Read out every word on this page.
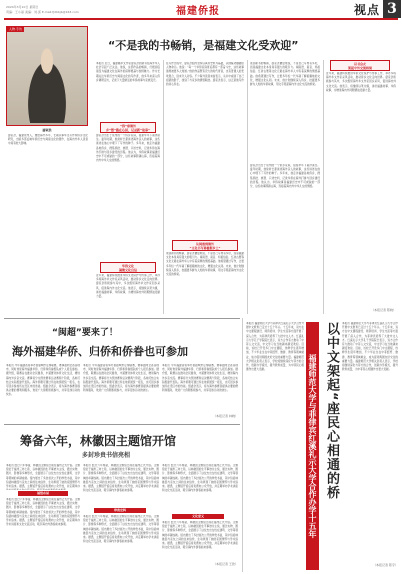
2024年3月10日 星期日
责编：王小丽 美编：刘·邱 E-mail:fjdbbjb@163.com	福建侨报	视点 3
人物·专访
廖家洪
廖家洪，福建泉州人，旅居海外多年，长期从事华文写作和侨乡文化研究，出版多部反映华侨历史与闽南文化的著作，在海内外华人读者中具有较大影响。
“不是我的书畅销，是福建文化受欢迎”
本报讯 近日，福建籍华文作家廖家洪的新书在海外华人社会引起广泛关注。他说，这部作品的畅销，归根到底是因为福建文化在海外的深厚根基与独特魅力。作为长期关注华侨历史与闽南文化的写作者，他多年来深入侨乡调研走访，记录下大量鲜活的华侨故事与家族变迁。
“侨”牵海外
乡“愁”路在心间，记录新“故事”
廖家洪出生于泉州的一个侨乡家庭，祖辈早年下南洋谋生。童年时期，他常听长辈讲述海外亲人的故事，这些讲述在他心中埋下了写作的种子。多年来，他走访福建各地侨乡，搜集侨批、族谱、口述史料，记录华侨在海外打拼与回乡建设的历程。他认为，华侨故事是福建历史中不可或缺的一部分，这些故事跨越山海，连接着海内外中华儿女的情感。
华侨文化
凝聚文化自信
近年来，福建持续推进华侨文化保护与传承工作，举办多场海外华文作家采风活动，推动侨乡文化走向世界。廖家洪积极参与其中，多次组织海外华文作家回乡采风，促进海内外文化交流。他表示，将继续以笔为媒，讲好福建故事、华侨故事，为增进海内外同胞情谊贡献力量。
在写作过程中，廖家洪始终坚持以真实史料为基础，以细腻笔触描绘人物命运。他说：“每一个华侨家庭背后都有一部奋斗史，这些故事值得被更多人知道。”他的作品既有宏大的时代背景，也有普通人的悲欢离合，读来令人动容。不少海外读者来信表示，从书中看到了自己祖辈的影子，找到了与家乡的情感联结。廖家洪表示，这正是他写作的初心所在。
从闽南到海外
“文化书写要植根乡土”
谈到新书的畅销，廖家洪谦虚地说，不是自己写得有多好，而是福建文化本身具有强大的吸引力。闽南语、南音、妈祖信俗、红砖古厝等文化元素在海外华人中有着深厚的情感基础。他希望通过写作，让更多年轻一代华裔了解祖籍地的文化，增强文化认同。未来，他计划继续深入侨乡，挖掘更多鲜为人知的华侨故事，用文字架起海内外文化交流的桥梁。
谈到新书的畅销，廖家洪谦虚地说，不是自己写得有多好，而是福建文化本身具有强大的吸引力。闽南语、南音、妈祖信俗、红砖古厝等文化元素在海外华人中有着深厚的情感基础。他希望通过写作，让更多年轻一代华裔了解祖籍地的文化，增强文化认同。未来，他计划继续深入侨乡，挖掘更多鲜为人知的华侨故事，用文字架起海内外文化交流的桥梁。
廖家洪出生于泉州的一个侨乡家庭，祖辈早年下南洋谋生。童年时期，他常听长辈讲述海外亲人的故事，这些讲述在他心中埋下了写作的种子。多年来，他走访福建各地侨乡，搜集侨批、族谱、口述史料，记录华侨在海外打拼与回乡建设的历程。他认为，华侨故事是福建历史中不可或缺的一部分，这些故事跨越山海，连接着海内外中华儿女的情感。
以书会友
架起中外交流桥梁
近年来，福建持续推进华侨文化保护与传承工作，举办多场海外华文作家采风活动，推动侨乡文化走向世界。廖家洪积极参与其中，多次组织海外华文作家回乡采风，促进海内外文化交流。他表示，将继续以笔为媒，讲好福建故事、华侨故事，为增进海内外同胞情谊贡献力量。
（本报记者 陈晓）
“闽超”要来了！
海外福建华侨、归侨和侨眷也可参加
本报讯 今年福建省将举办首届城市足球联赛，赛事面向全省各地市，同时欢迎海外福建华侨、归侨和侨眷组队或个人报名参加。据介绍，联赛旨在推动全民健身，丰富群众体育文化生活，增进海内外乡亲交流。赛事将分为预选赛和总决赛两个阶段，各地可结合实际组建代表队。海外侨胞可通过所在地侨团统一报名，也可回乡参加所在设区市的选拔。组委会表示，将为海外参赛者提供必要的便利和服务，欢迎广大侨胞积极参与，共享足球运动的快乐。
本报讯 今年福建省将举办首届城市足球联赛，赛事面向全省各地市，同时欢迎海外福建华侨、归侨和侨眷组队或个人报名参加。据介绍，联赛旨在推动全民健身，丰富群众体育文化生活，增进海内外乡亲交流。赛事将分为预选赛和总决赛两个阶段，各地可结合实际组建代表队。海外侨胞可通过所在地侨团统一报名，也可回乡参加所在设区市的选拔。组委会表示，将为海外参赛者提供必要的便利和服务，欢迎广大侨胞积极参与，共享足球运动的快乐。
本报讯 今年福建省将举办首届城市足球联赛，赛事面向全省各地市，同时欢迎海外福建华侨、归侨和侨眷组队或个人报名参加。据介绍，联赛旨在推动全民健身，丰富群众体育文化生活，增进海内外乡亲交流。赛事将分为预选赛和总决赛两个阶段，各地可结合实际组建代表队。海外侨胞可通过所在地侨团统一报名，也可回乡参加所在设区市的选拔。组委会表示，将为海外参赛者提供必要的便利和服务，欢迎广大侨胞积极参与，共享足球运动的快乐。
（本报记者 林晓）
筹备六年，林徽因主题馆开馆
多封珍贵书信亮相
本报讯 经过六年筹备，林徽因主题馆日前在福州正式开馆。主题馆位于福州三坊七巷，以林徽因的生平事迹为主线，通过实物、图片、影像等多种形式，全面展示了这位杰出女性在建筑、文学等领域的卓越成就。馆内展出了多封首次公开的珍贵书信，其中包括林徽因与亲友之间的往来信件，生动再现了她的家国情怀与学术追求。据悉，主题馆开馆后将免费向公众开放，并定期举办
展馆布局
本报讯 经过六年筹备，林徽因主题馆日前在福州正式开馆。主题馆位于福州三坊七巷，以林徽因的生平事迹为主线，通过实物、图片、影像等多种形式，全面展示了这位杰出女性在建筑、文学等领域的卓越成就。馆内展出了多封首次公开的珍贵书信，其中包括林徽因与亲友之间的往来信件，生动再现了她的家国情怀与学术追求。据悉，主题馆开馆后将免费向公众开放，并定期举办学术讲座和文化交流活动，吸引海内外游客前来参观。
本报讯 经过六年筹备，林徽因主题馆日前在福州正式开馆。主题馆位于福州三坊七巷，以林徽因的生平事迹为主线，通过实物、图片、影像等多种形式，全面展示了这位杰出女性在建筑、文学等领域的卓越成就。馆内展出了多封首次公开的珍贵书信，其中包括林徽因与亲友之间的往来信件，生动再现了她的家国情怀与学术追求。据悉，主题馆开馆后将免费向公众开放，并定期举办学术讲座和文化交流活动，吸引海内外游客前来参观。
珍贵史料
本报讯 经过六年筹备，林徽因主题馆日前在福州正式开馆。主题馆位于福州三坊七巷，以林徽因的生平事迹为主线，通过实物、图片、影像等多种形式，全面展示了这位杰出女性在建筑、文学等领域的卓越成就。馆内展出了多封首次公开的珍贵书信，其中包括林徽因与亲友之间的往来信件，生动再现了她的家国情怀与学术追求。据悉，主题馆开馆后将免费向公众开放，并定期举办学术讲座和文化交流活动，吸引海内外游客前来参观。
本报讯 经过六年筹备，林徽因主题馆日前在福州正式开馆。主题馆位于福州三坊七巷，以林徽因的生平事迹为主线，通过实物、图片、影像等多种形式，全面展示了这位杰出女性在建筑、文学等领域的卓越成就。馆内展出了多封首次公开的珍贵书信，其中包括林徽因与亲友之间的往来信件，生动再现了她的家国情怀与学术追求。据悉，主题馆开馆后将免费向公众开放，并定期举办学术讲座和文化交流活动，吸引海内外游客前来参观。
文化意义
本报讯 经过六年筹备，林徽因主题馆日前在福州正式开馆。主题馆位于福州三坊七巷，以林徽因的生平事迹为主线，通过实物、图片、影像等多种形式，全面展示了这位杰出女性在建筑、文学等领域的卓越成就。馆内展出了多封首次公开的珍贵书信，其中包括林徽因与亲友之间的往来信件，生动再现了她的家国情怀与学术追求。据悉，主题馆开馆后将免费向公众开放，并定期举办学术讲座和文化交流活动，吸引海内外游客前来参观。
（本报记者 王欣）
本报讯 福建师范大学与菲律宾红溪礼示大学合作开展中文教育已走过十五个年头。十五年来，双方在中文课程建设、师资培训、学生交流等方面开展了深入合作，为菲律宾培养了大批中文人才。红溪礼示大学孔子学院院长表示，双方合作有力推动了中菲人文交流，中文学习在当地越来越受欢迎。目前，该校已开设多门中文课程，选修学生逐年增加，不少毕业生在中菲经贸、旅游、教育等领域就业，成为促进两国友好交往的重要力量。福建师范大学相关负责人表示，学校将继续深化与菲方的合作，创新办学模式，提升教育质量，为中菲民心相通作出更大贡献。	福建师范大学与菲律宾红溪礼示大学合作办学十五年 以中文架起“座民心相通的桥	本报讯 福建师范大学与菲律宾红溪礼示大学合作开展中文教育已走过十五个年头。十五年来，双方在中文课程建设、师资培训、学生交流等方面开展了深入合作，为菲律宾培养了大批中文人才。红溪礼示大学孔子学院院长表示，双方合作有力推动了中菲人文交流，中文学习在当地越来越受欢迎。目前，该校已开设多门中文课程，选修学生逐年增加，不少毕业生在中菲经贸、旅游、教育等领域就业，成为促进两国友好交往的重要力量。福建师范大学相关负责人表示，学校将继续深化与菲方的合作，创新办学模式，提升教育质量，为中菲民心相通作出更大贡献。
（本报记者 陈宇）
